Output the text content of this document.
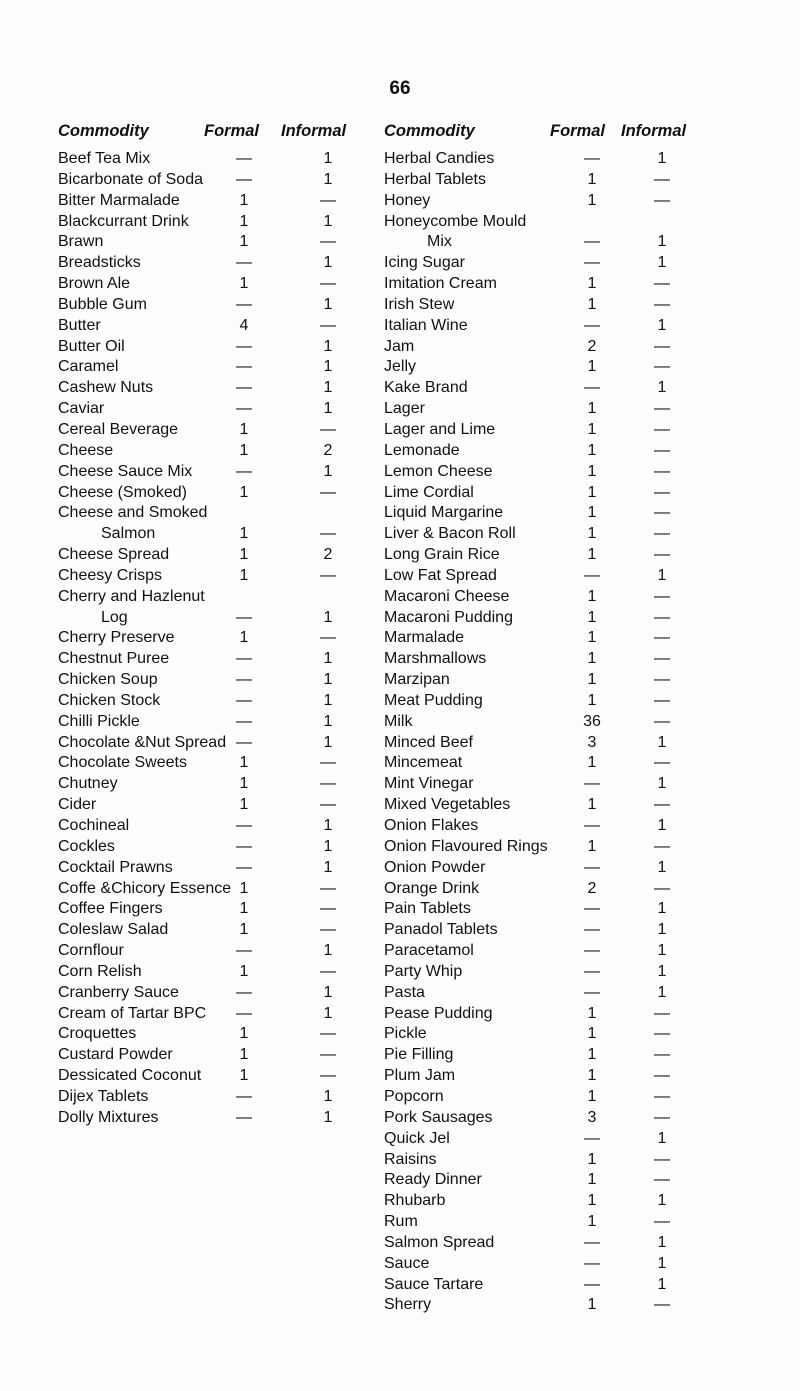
66
Commodity	Formal Informal
Beef Tea Mix	—	1
Bicarbonate of Soda —	1
Bitter Marmalade	1	—
Blackcurrant Drink	1	1
Brawn	1	—
Breadsticks	—	1
Brown Ale	1	—
Bubble Gum	—	1
Butter	4	—
Butter Oil	—	1
Caramel	—	1
Cashew Nuts	—	1
Caviar	—	1
Cereal Beverage	1	—
Cheese	1	2
Cheese Sauce Mix	—	1
Cheese (Smoked)	1	—
Cheese and Smoked
Salmon	1	—
Cheese Spread	1	2
Cheesy Crisps	1	—
Cherry and Hazlenut
Log	—	1
Cherry Preserve	1	—
Chestnut Puree	—	1
Chicken Soup	—	1
Chicken Stock	—	1
Chilli Pickle	—	1
Chocolate &Nut Spread —	1
Chocolate Sweets	1	—
Chutney	1	—
Cider	1	—
Cochineal	—	1
Cockles	—	1
Cocktail Prawns	—	1
Coffe &Chicory Essence 1	—
Coffee Fingers	1	—
Coleslaw Salad	1	—
Cornflour	—	1
Corn Relish	1	—
Cranberry Sauce	—	1
Cream of Tartar BPC —	1
Croquettes	1	—
Custard Powder	1	—
Dessicated Coconut	1	—
Dijex Tablets	—	1
Dolly Mixtures	—	1
Commodity	Formal Informal
Herbal Candies	—	1
Herbal Tablets	1	—
Honey	1	—
Honeycombe Mould
Mix	—	1
Icing Sugar	—	1
Imitation Cream	1	—
Irish Stew	1	—
Italian Wine	—	1
Jam	2	—
Jelly	1	—
Kake Brand	—	1
Lager	1	—
Lager and Lime	1	—
Lemonade	1	—
Lemon Cheese	1	—
Lime Cordial	1	—
Liquid Margarine	1	—
Liver & Bacon Roll	1	—
Long Grain Rice	1	—
Low Fat Spread	—	1
Macaroni Cheese	1	—
Macaroni Pudding	1	—
Marmalade	1	—
Marshmallows	1	—
Marzipan	1	—
Meat Pudding	1	—
Milk	36	—
Minced Beef	3	1
Mincemeat	1	—
Mint Vinegar	—	1
Mixed Vegetables	1	—
Onion Flakes	—	1
Onion Flavoured Rings	1	—
Onion Powder	—	1
Orange Drink	2	—
Pain Tablets	—	1
Panadol Tablets	—	1
Paracetamol	—	1
Party Whip	—	1
Pasta	—	1
Pease Pudding	1	—
Pickle	1	—
Pie Filling	1	—
Plum Jam	1	—
Popcorn	1	—
Pork Sausages	3	—
Quick Jel	—	1
Raisins	1	—
Ready Dinner	1	—
Rhubarb	1	1
Rum	1	—
Salmon Spread	—	1
Sauce	—	1
Sauce Tartare	—	1
Sherry	1	—
